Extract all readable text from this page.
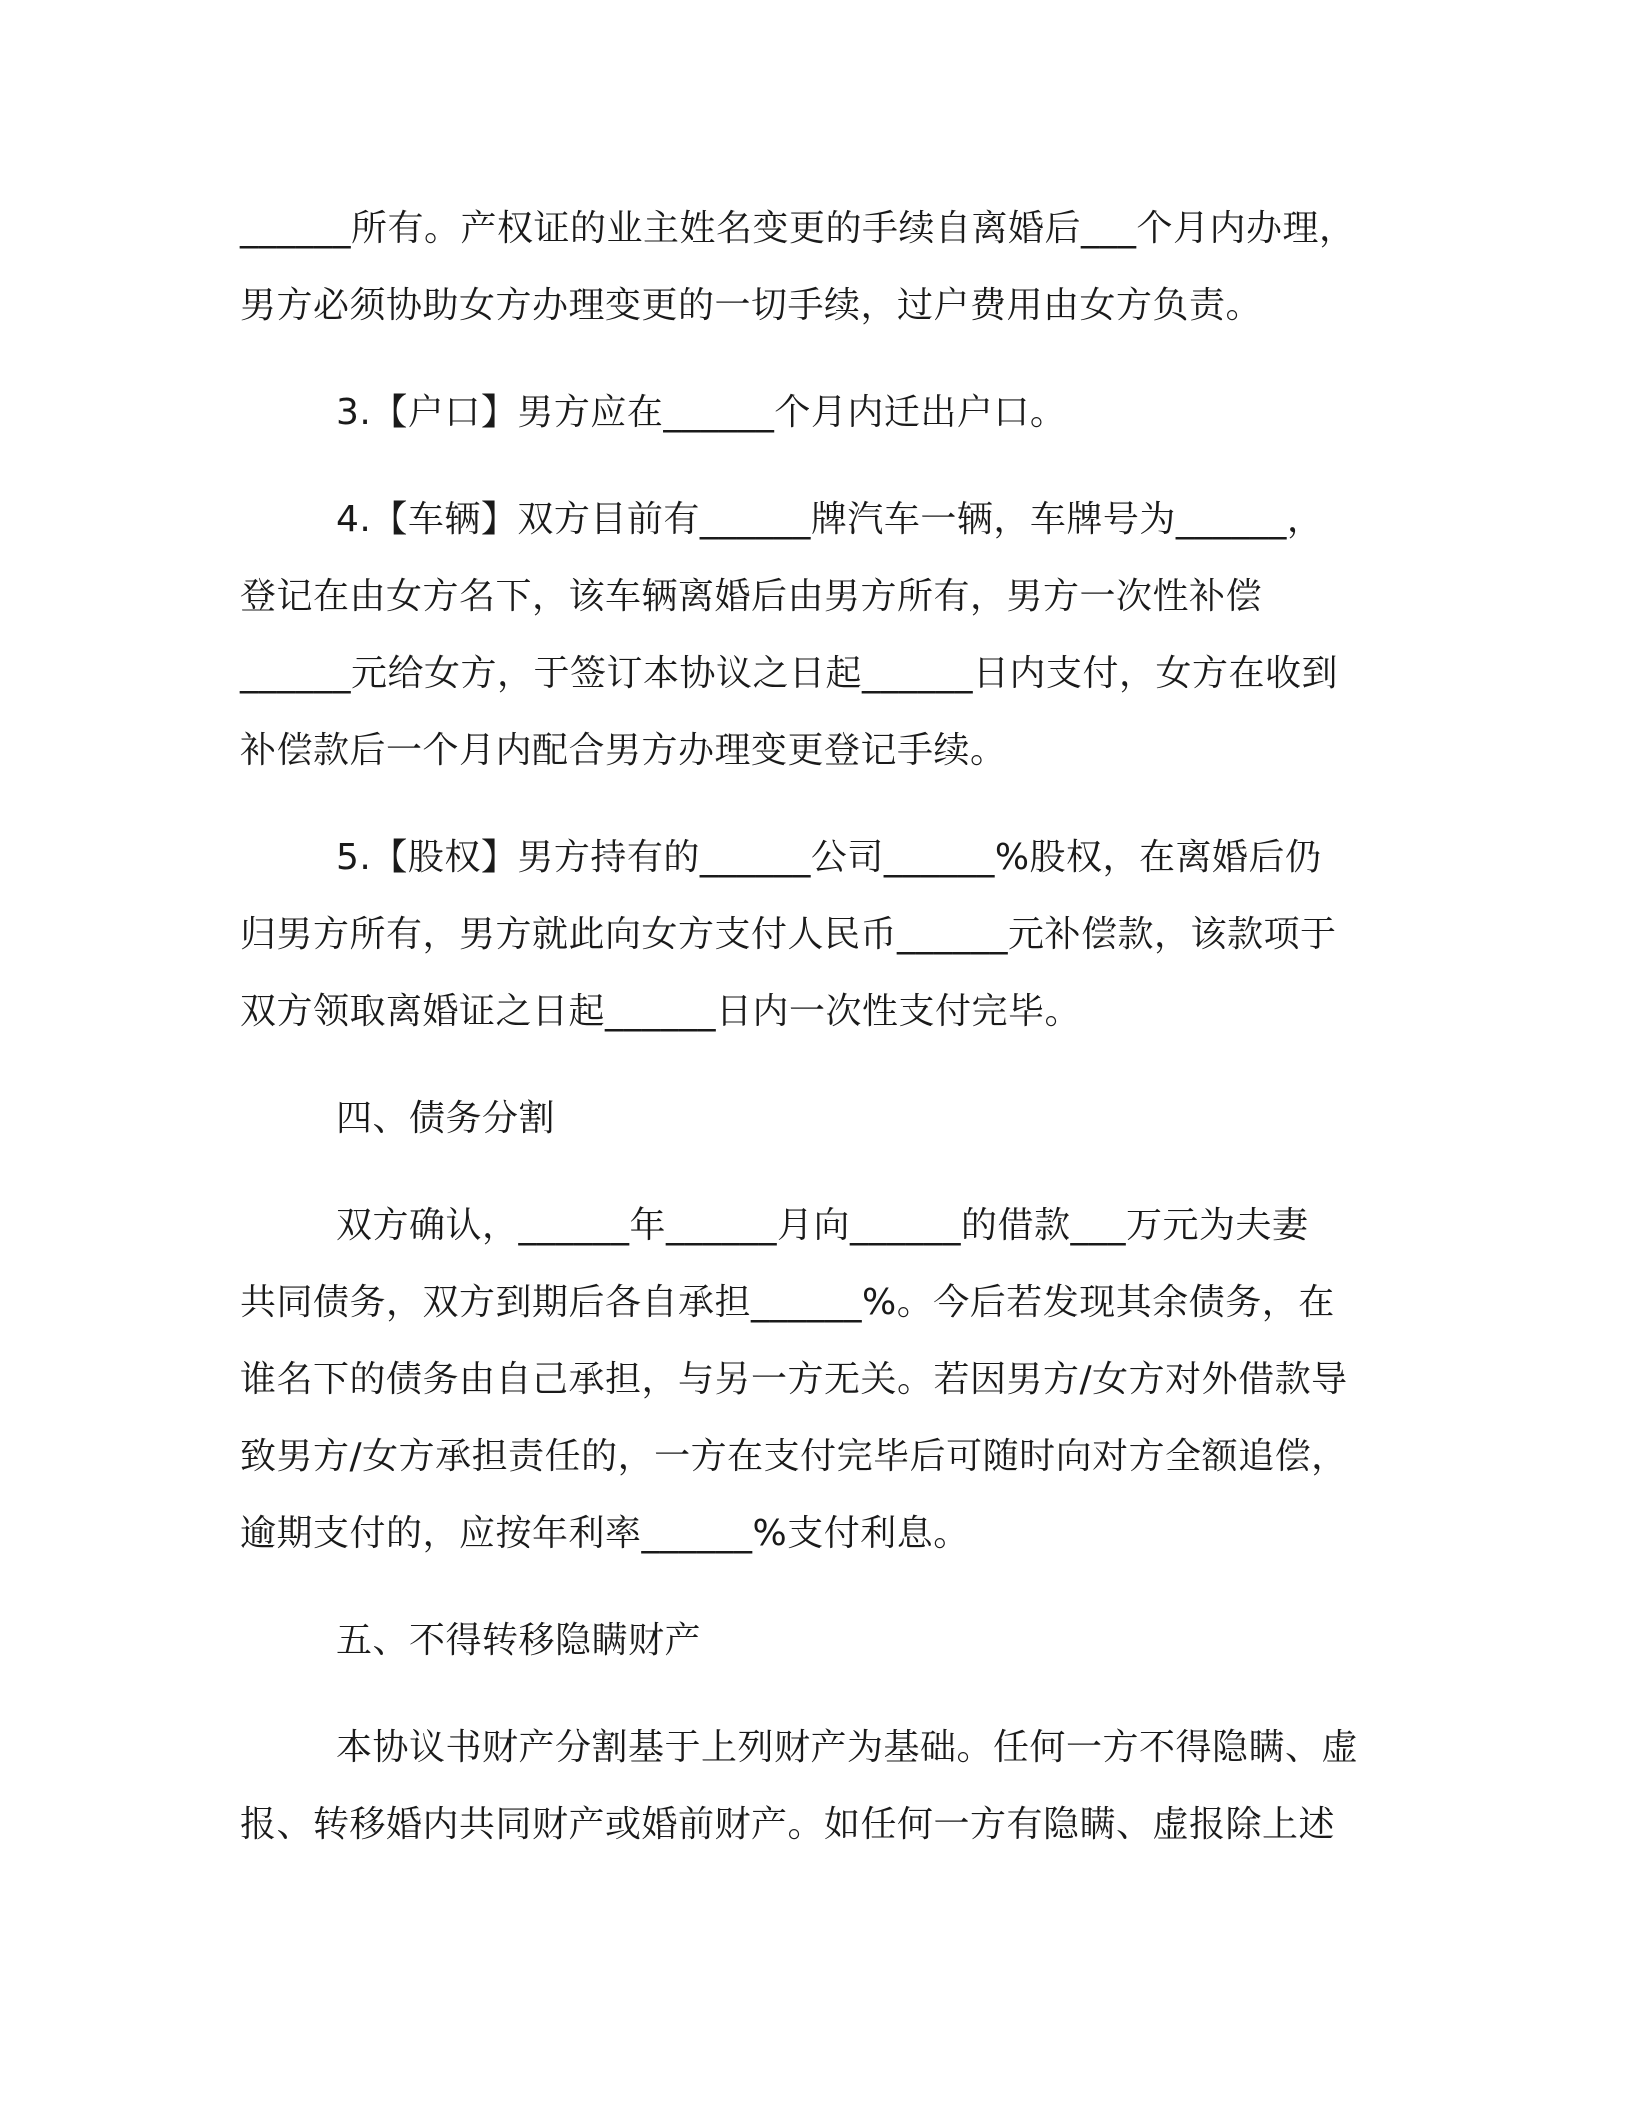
______所有。产权证的业主姓名变更的手续自离婚后___个月内办理，
男方必须协助女方办理变更的一切手续，过户费用由女方负责。

3.【户口】男方应在______个月内迁出户口。

4.【车辆】双方目前有______牌汽车一辆，车牌号为______，
登记在由女方名下，该车辆离婚后由男方所有，男方一次性补偿
______元给女方，于签订本协议之日起______日内支付，女方在收到
补偿款后一个月内配合男方办理变更登记手续。

5.【股权】男方持有的______公司______%股权，在离婚后仍
归男方所有，男方就此向女方支付人民币______元补偿款，该款项于
双方领取离婚证之日起______日内一次性支付完毕。

四、债务分割

双方确认，______年______月向______的借款___万元为夫妻
共同债务，双方到期后各自承担______%。今后若发现其余债务，在
谁名下的债务由自己承担，与另一方无关。若因男方/女方对外借款导
致男方/女方承担责任的，一方在支付完毕后可随时向对方全额追偿，
逾期支付的，应按年利率______%支付利息。

五、不得转移隐瞒财产

本协议书财产分割基于上列财产为基础。任何一方不得隐瞒、虚
报、转移婚内共同财产或婚前财产。如任何一方有隐瞒、虚报除上述
